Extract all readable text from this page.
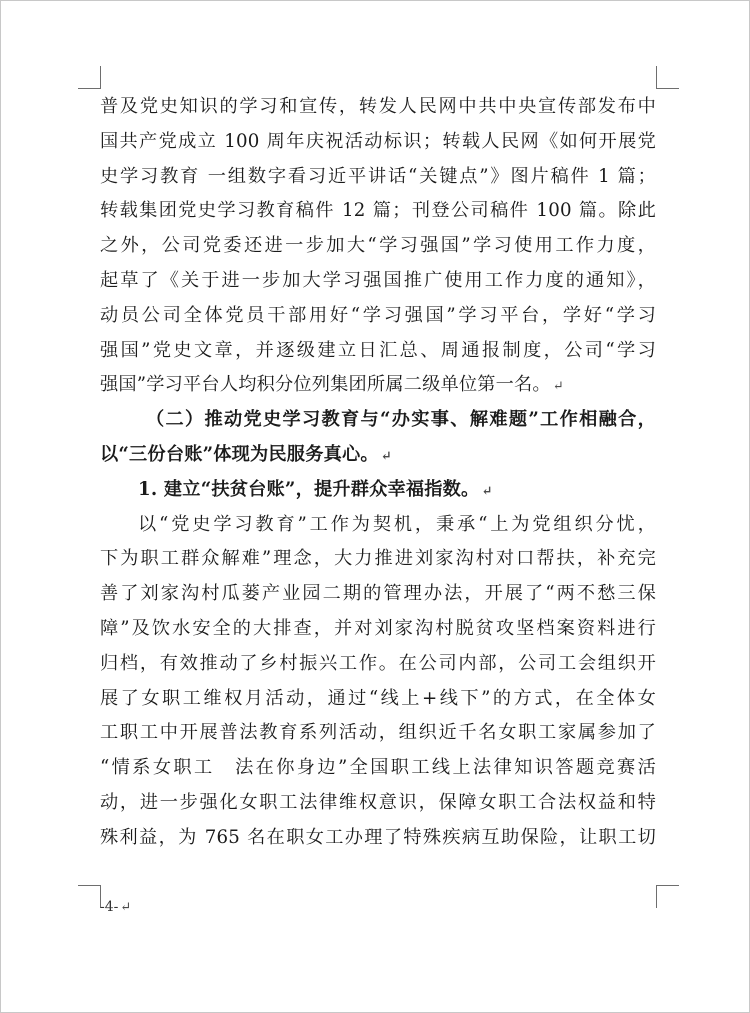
普及党史知识的学习和宣传，转发人民网中共中央宣传部发布中
国共产党成立 100 周年庆祝活动标识；转载人民网《如何开展党
史学习教育 一组数字看习近平讲话“关键点”》图片稿件 1 篇；
转载集团党史学习教育稿件 12 篇；刊登公司稿件 100 篇。除此
之外，公司党委还进一步加大“学习强国”学习使用工作力度，
起草了《关于进一步加大学习强国推广使用工作力度的通知》，
动员公司全体党员干部用好“学习强国”学习平台，学好“学习
强国”党史文章，并逐级建立日汇总、周通报制度，公司“学习
强国”学习平台人均积分位列集团所属二级单位第一名。 ↵
（二）推动党史学习教育与“办实事、解难题”工作相融合，
以“三份台账”体现为民服务真心。 ↵
1. 建立“扶贫台账”，提升群众幸福指数。 ↵
以“党史学习教育”工作为契机，秉承“上为党组织分忧，
下为职工群众解难”理念，大力推进刘家沟村对口帮扶，补充完
善了刘家沟村瓜蒌产业园二期的管理办法，开展了“两不愁三保
障”及饮水安全的大排查，并对刘家沟村脱贫攻坚档案资料进行
归档，有效推动了乡村振兴工作。在公司内部，公司工会组织开
展了女职工维权月活动，通过“线上+线下”的方式，在全体女
工职工中开展普法教育系列活动，组织近千名女职工家属参加了
“情系女职工　法在你身边”全国职工线上法律知识答题竞赛活
动，进一步强化女职工法律维权意识，保障女职工合法权益和特
殊利益，为 765 名在职女工办理了特殊疾病互助保险，让职工切
-4- ↵
